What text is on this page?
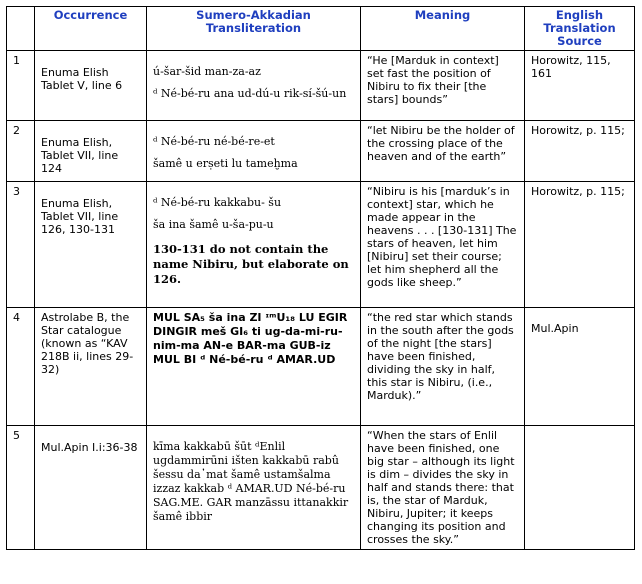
	Occurrence	Sumero-Akkadian Transliteration	Meaning	English Translation Source
1	Enuma Elish Tablet V, line 6	ú-šar-šid man-za-az

ᵈ Né-bé-ru ana ud-dú-u rik-sí-šú-un	“He [Marduk in context] set fast the position of Nibiru to fix their [the stars] bounds”	Horowitz, 115, 161
2	Enuma Elish, Tablet VII, line 124	ᵈ Né-bé-ru né-bé-re-et

šamê u erṣeti lu tameḫma	“let Nibiru be the holder of the crossing place of the heaven and of the earth”	Horowitz, p. 115;
3	Enuma Elish, Tablet VII, line 126, 130-131	ᵈ Né-bé-ru kakkabu- šu

ša ina šamê u-ša-pu-u

130-131 do not contain the name Nibiru, but elaborate on 126.	“Nibiru is his [marduk’s in context] star, which he made appear in the heavens . . . [130-131] The stars of heaven, let him [Nibiru] set their course; let him shepherd all the gods like sheep.”	Horowitz, p. 115;
4	Astrolabe B, the Star catalogue (known as “KAV 218B ii, lines 29-32)	MUL SA₅ ša ina ZI ᶦᵐU₁₈ LU EGIR DINGIR meš GI₆ ti ug-da-mi-ru-nim-ma AN-e BAR-ma GUB-iz MUL BI ᵈ Né-bé-ru ᵈ AMAR.UD	“the red star which stands in the south after the gods of the night [the stars] have been finished, dividing the sky in half, this star is Nibiru, (i.e., Marduk).”	Mul.Apin
5	Mul.Apin I.i:36-38	kīma kakkabū šūt ᵈEnlil ugdammirūni išten kakkabū rabû šessu da᾽mat šamê ustamšalma izzaz kakkab ᵈ AMAR.UD Né-bé-ru SAG.ME. GAR manzāssu ittanakkir šamê ibbir	“When the stars of Enlil have been finished, one big star – although its light is dim – divides the sky in half and stands there: that is, the star of Marduk, Nibiru, Jupiter; it keeps changing its position and crosses the sky.”	
